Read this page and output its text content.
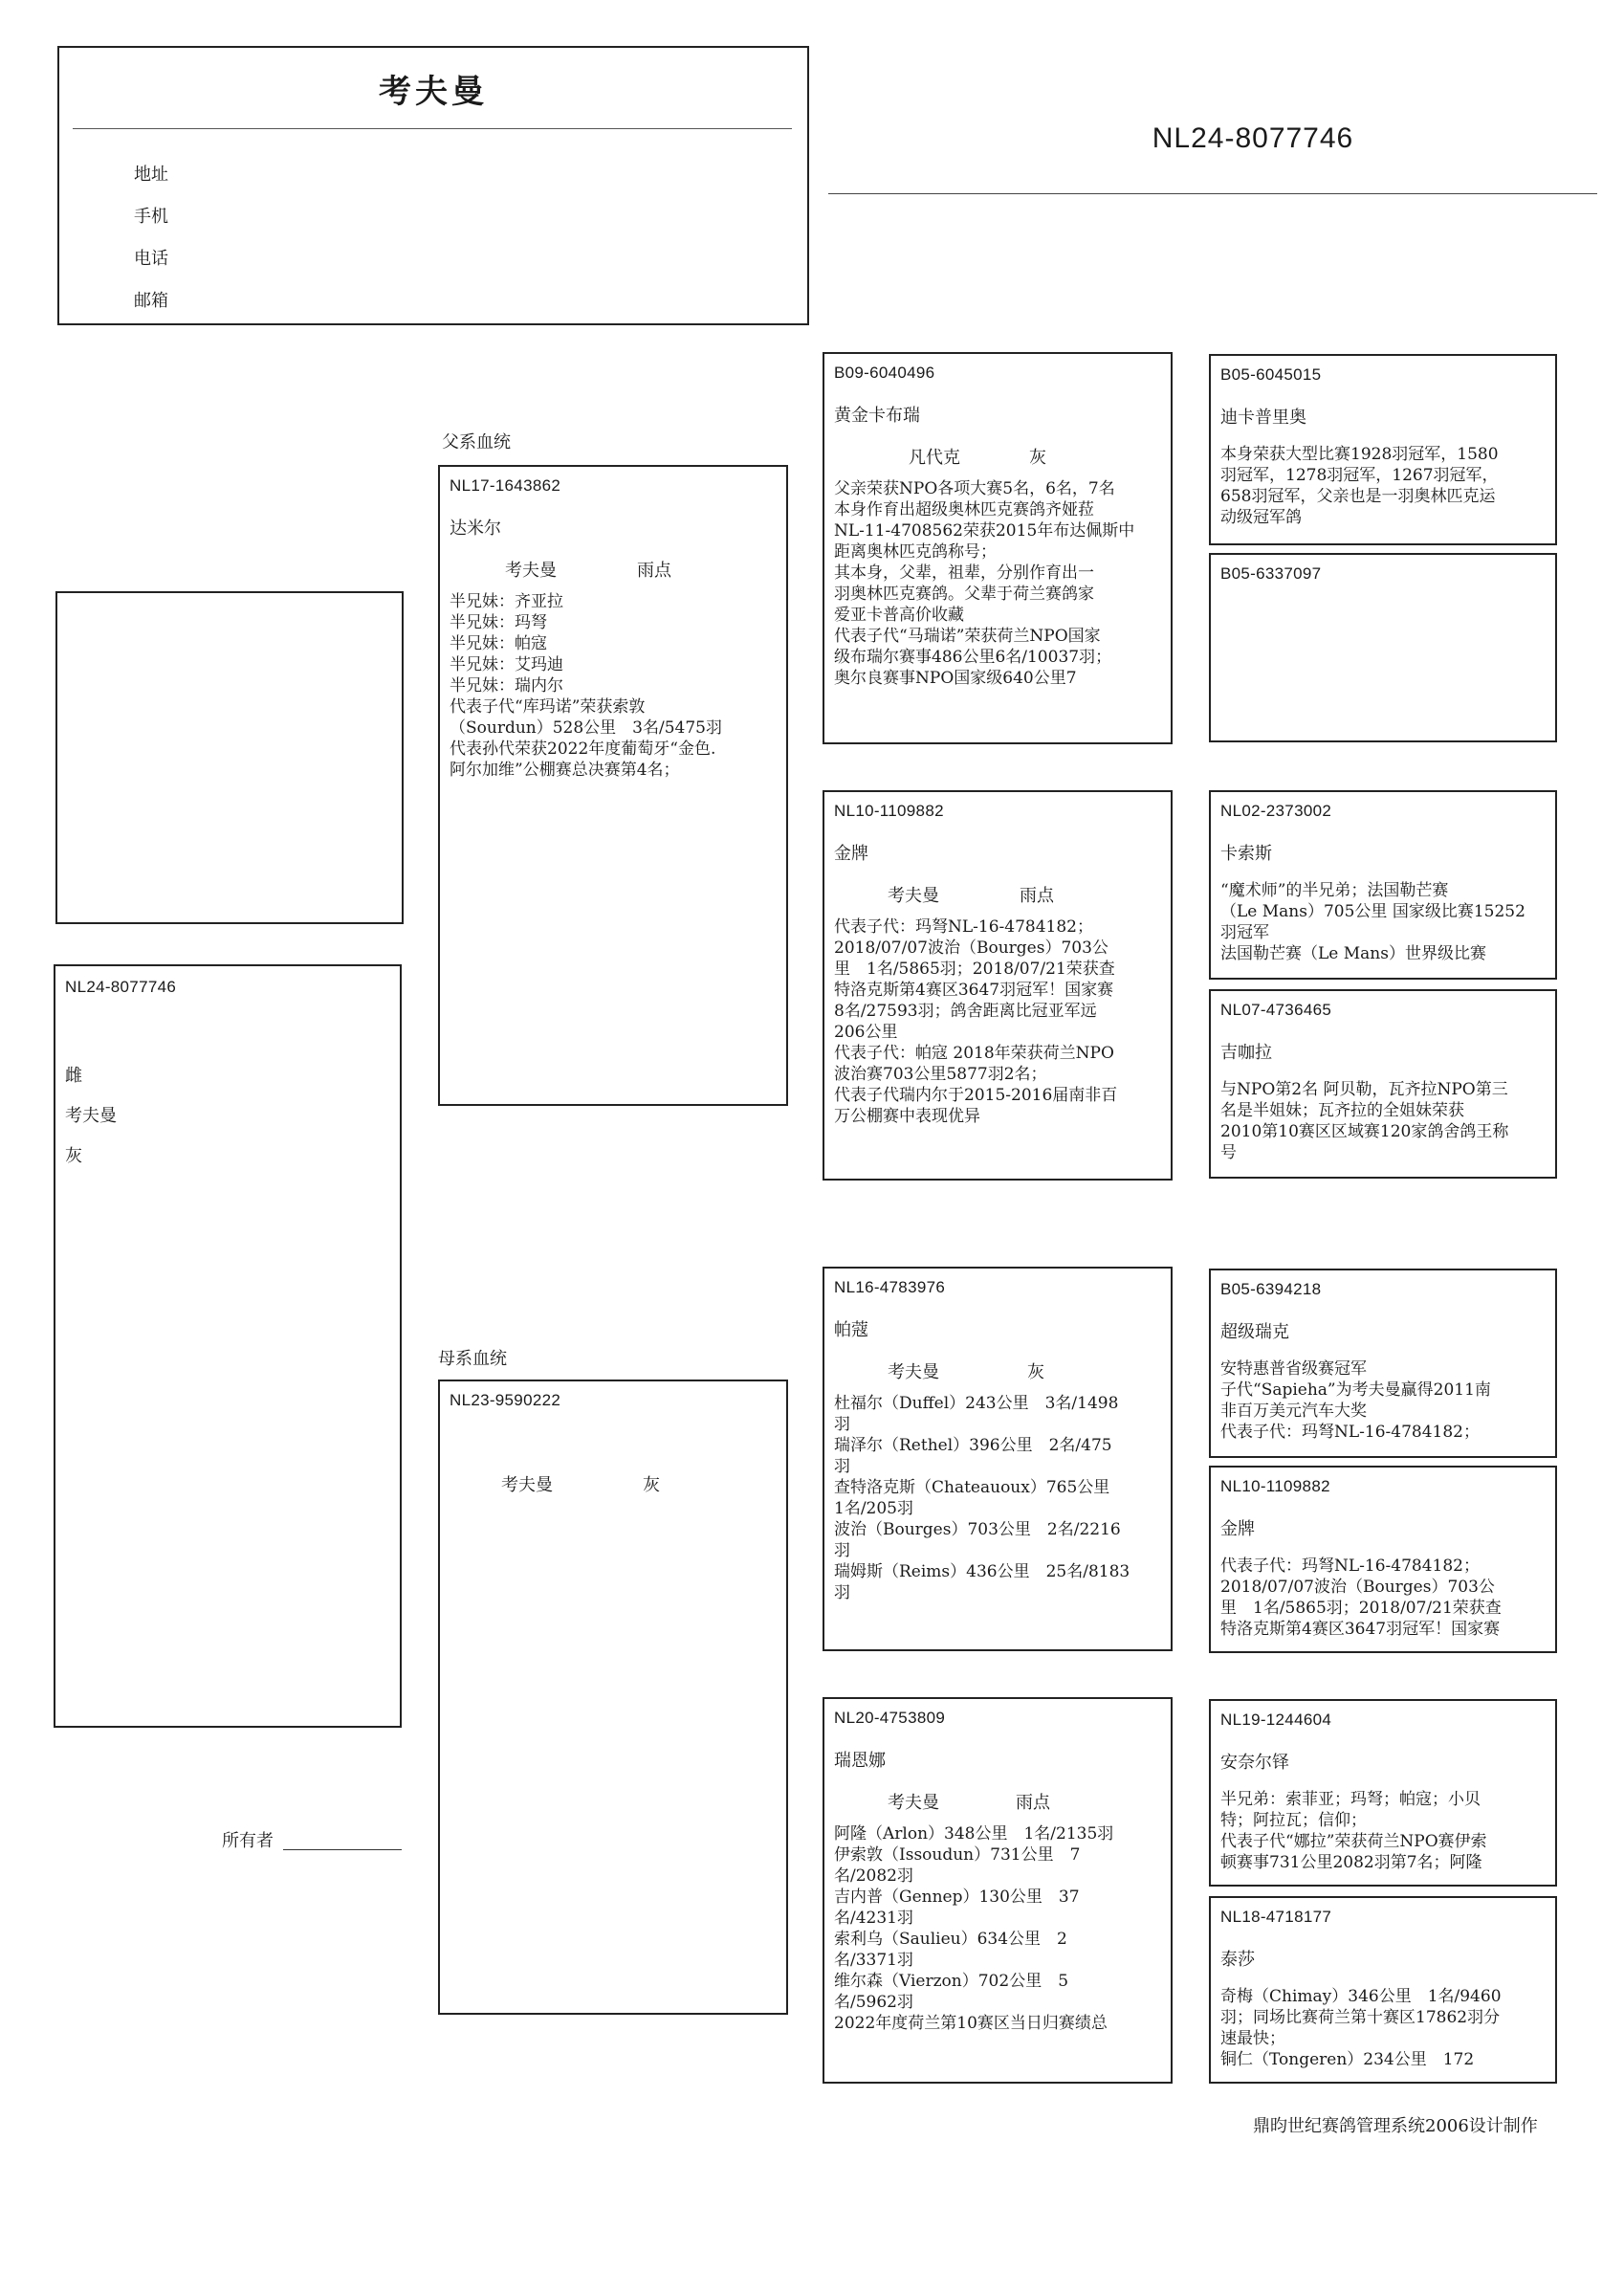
考夫曼
地址
手机
电话
邮箱
NL24-8077746
NL24-8077746
雌
考夫曼
灰
所有者
父系血统
NL17-1643862
达米尔
考夫曼	雨点

半兄妹：齐亚拉
半兄妹：玛弩
半兄妹：帕寇
半兄妹：艾玛迪
半兄妹：瑞内尔
代表子代“库玛诺”荣获索敦
（Sourdun）528公里　3名/5475羽
代表孙代荣获2022年度葡萄牙“金色.
阿尔加维”公棚赛总决赛第4名；

母系血统
NL23-9590222
考夫曼	灰
B09-6040496
黄金卡布瑞
凡代克	灰

父亲荣获NPO各项大赛5名，6名，7名
本身作育出超级奥林匹克赛鸽齐娅菈
NL-11-4708562荣获2015年布达佩斯中
距离奥林匹克鸽称号；
其本身，父辈，祖辈，分别作育出一
羽奥林匹克赛鸽。父辈于荷兰赛鸽家
爱亚卡普高价收藏
代表子代“马瑞诺”荣获荷兰NPO国家
级布瑞尔赛事486公里6名/10037羽；
奥尔良赛事NPO国家级640公里7

NL10-1109882
金牌
考夫曼	雨点

代表子代：玛弩NL-16-4784182；
2018/07/07波治（Bourges）703公
里　1名/5865羽；2018/07/21荣获查
特洛克斯第4赛区3647羽冠军！国家赛
8名/27593羽；鸽舍距离比冠亚军远
206公里
代表子代：帕寇 2018年荣获荷兰NPO
波治赛703公里5877羽2名；
代表子代瑞内尔于2015-2016届南非百
万公棚赛中表现优异

NL16-4783976
帕蔻
考夫曼	灰

杜福尔（Duffel）243公里　3名/1498
羽
瑞泽尔（Rethel）396公里　2名/475
羽
查特洛克斯（Chateauoux）765公里
1名/205羽
波治（Bourges）703公里　2名/2216
羽
瑞姆斯（Reims）436公里　25名/8183
羽

NL20-4753809
瑞恩娜
考夫曼	雨点

阿隆（Arlon）348公里　1名/2135羽
伊索敦（Issoudun）731公里　7
名/2082羽
吉内普（Gennep）130公里　37
名/4231羽
索利乌（Saulieu）634公里　2
名/3371羽
维尔森（Vierzon）702公里　5
名/5962羽
2022年度荷兰第10赛区当日归赛绩总

B05-6045015
迪卡普里奥

本身荣获大型比赛1928羽冠军，1580
羽冠军，1278羽冠军，1267羽冠军，
658羽冠军，父亲也是一羽奥林匹克运
动级冠军鸽

B05-6337097
NL02-2373002
卡索斯

“魔术师”的半兄弟；法国勒芒赛
（Le Mans）705公里 国家级比赛15252
羽冠军
法国勒芒赛（Le Mans）世界级比赛

NL07-4736465
吉咖拉

与NPO第2名 阿贝勒，瓦齐拉NPO第三
名是半姐妹；瓦齐拉的全姐妹荣获
2010第10赛区区域赛120家鸽舍鸽王称
号

B05-6394218
超级瑞克

安特惠普省级赛冠军
子代“Sapieha”为考夫曼赢得2011南
非百万美元汽车大奖
代表子代：玛弩NL-16-4784182；

NL10-1109882
金牌

代表子代：玛弩NL-16-4784182；
2018/07/07波治（Bourges）703公
里　1名/5865羽；2018/07/21荣获查
特洛克斯第4赛区3647羽冠军！国家赛

NL19-1244604
安奈尔铎

半兄弟：索菲亚；玛弩；帕寇；小贝
特；阿拉瓦；信仰；
代表子代“娜拉”荣获荷兰NPO赛伊索
顿赛事731公里2082羽第7名；阿隆

NL18-4718177
泰莎

奇梅（Chimay）346公里　1名/9460
羽；同场比赛荷兰第十赛区17862羽分
速最快；
铜仁（Tongeren）234公里　172

鼎昀世纪赛鸽管理系统2006设计制作
